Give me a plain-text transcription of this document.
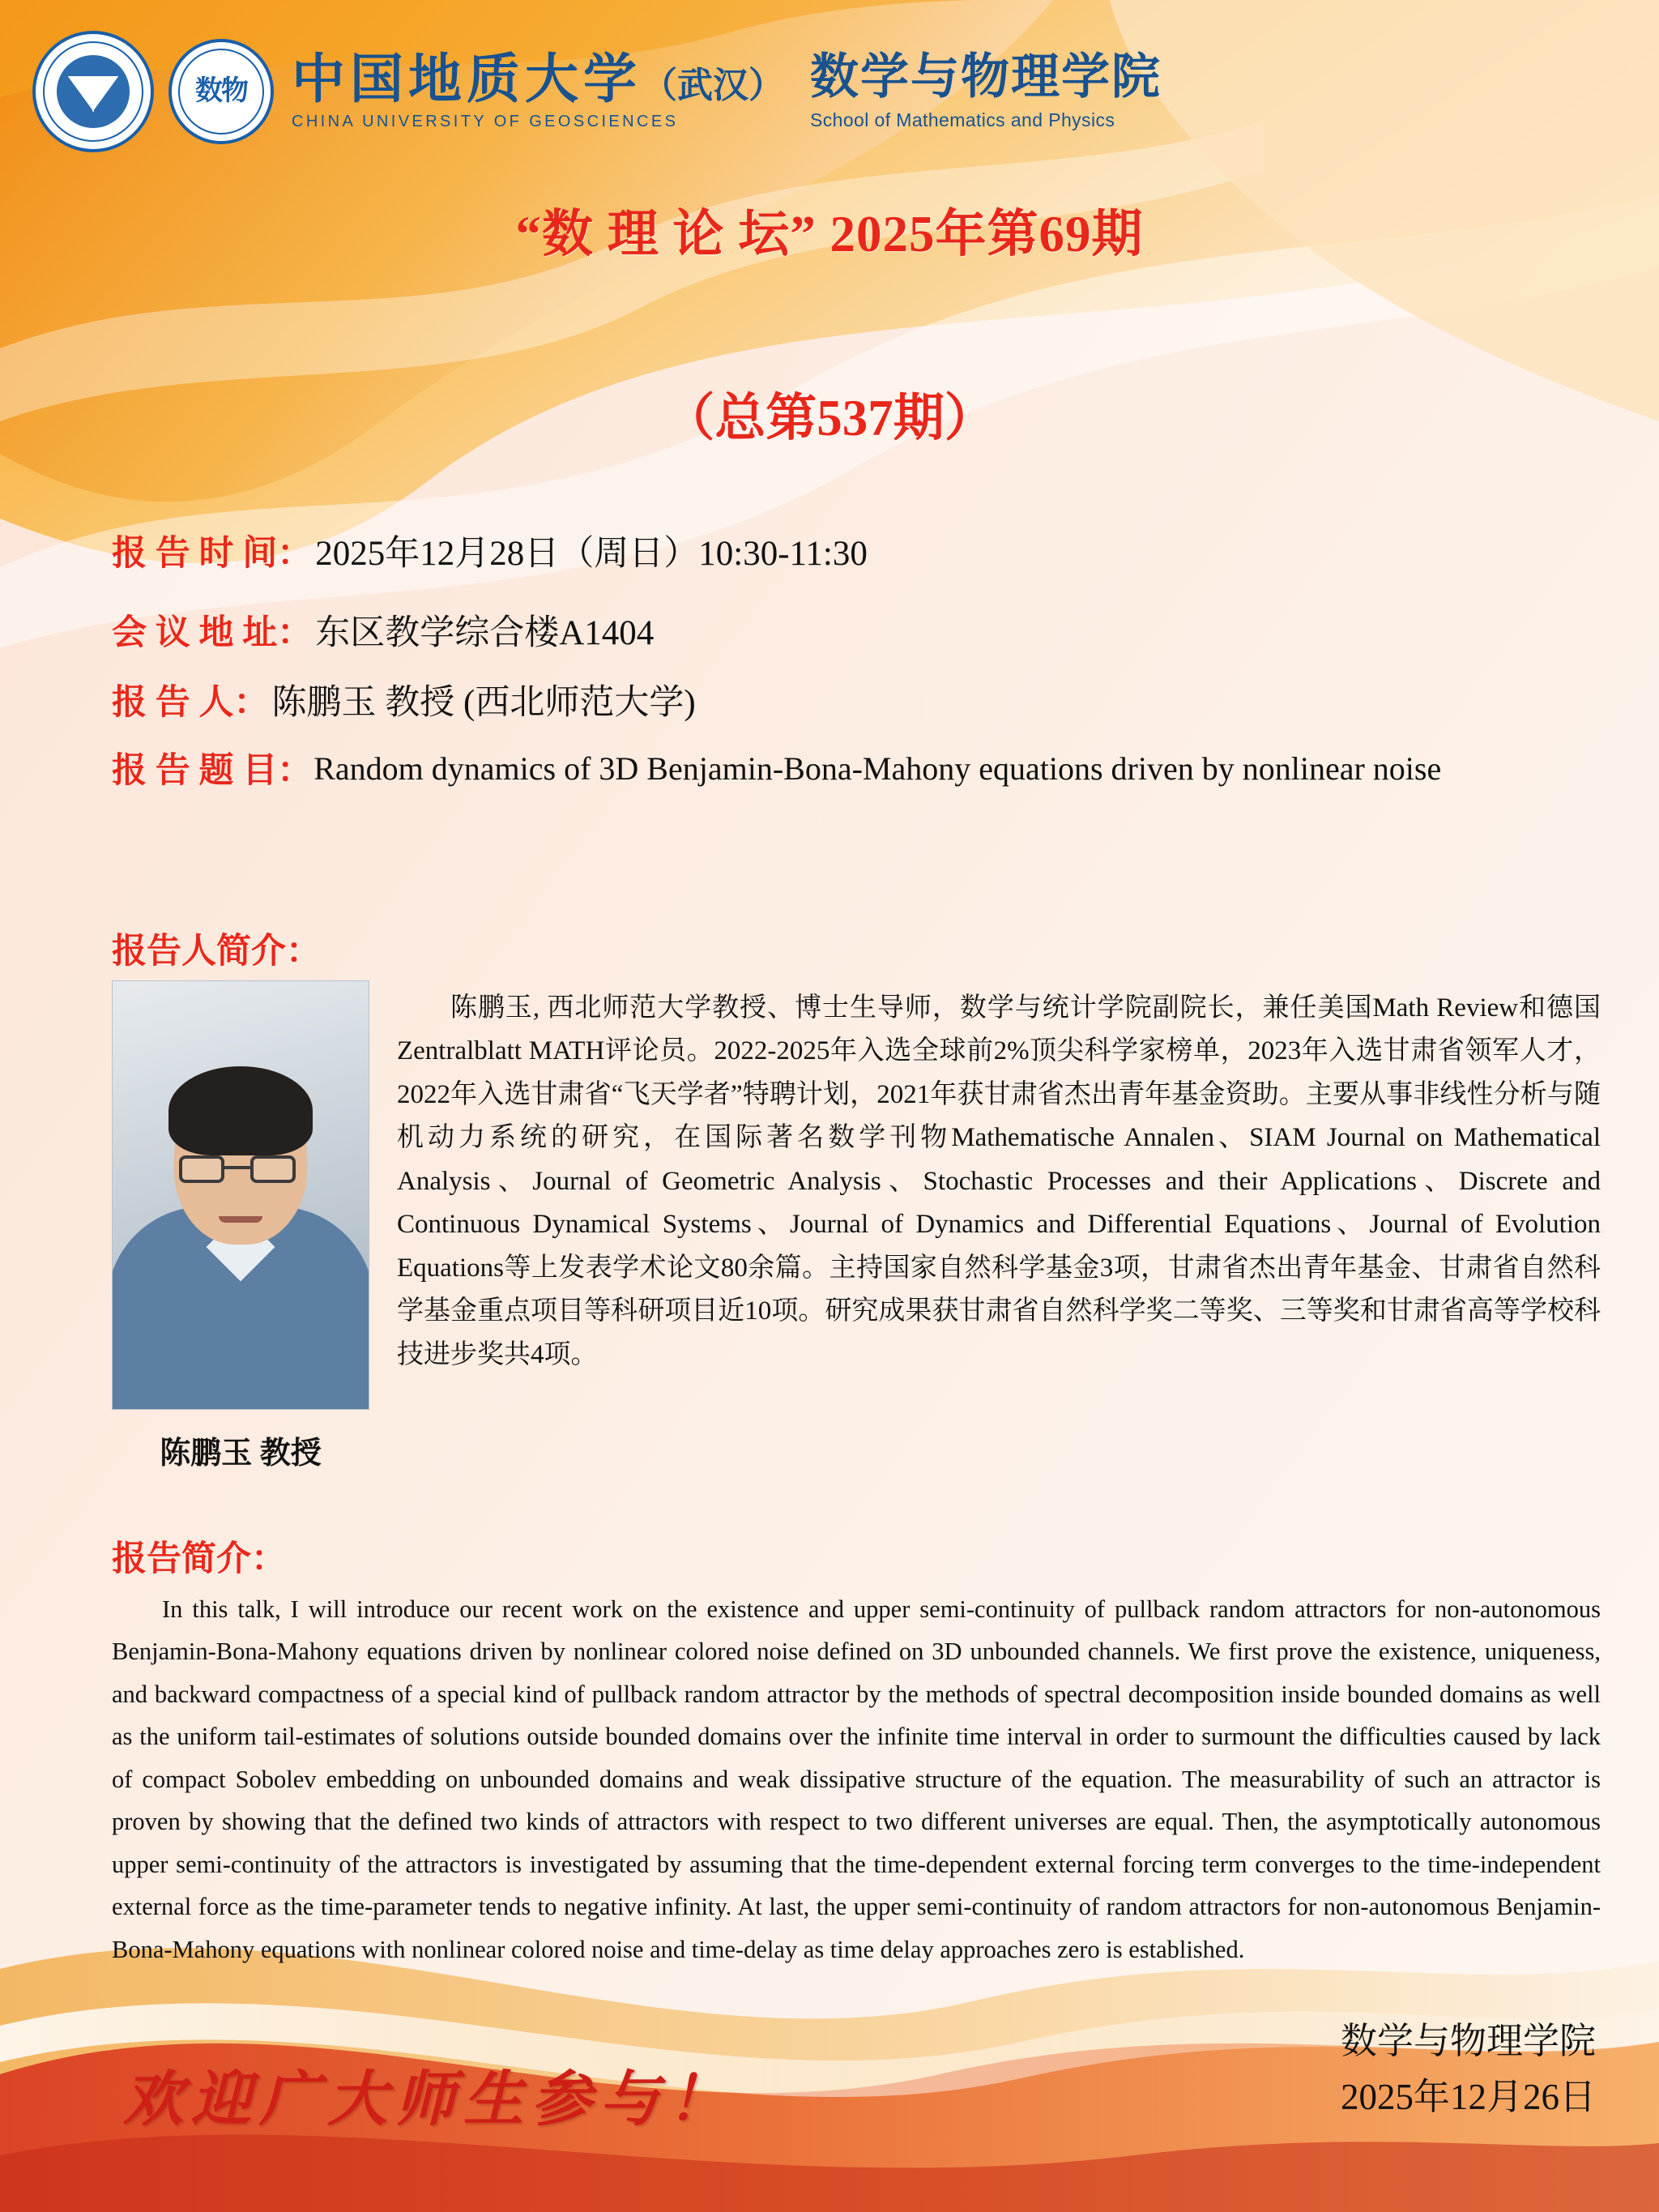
数物 中国地质大学（武汉）
CHINA UNIVERSITY OF GEOSCIENCES
数学与物理学院
School of Mathematics and Physics
“数 理 论 坛” 2025年第69期
（总第537期）
报 告 时 间： 2025年12月28日（周日）10:30-11:30
会 议 地 址： 东区教学综合楼A1404
报 告 人： 陈鹏玉 教授 (西北师范大学)
报 告 题 目： Random dynamics of 3D Benjamin-Bona-Mahony equations driven by nonlinear noise
报告人简介：
陈鹏玉 教授

陈鹏玉, 西北师范大学教授、博士生导师，数学与统计学院副院长，兼任美国Math Review和德国Zentralblatt MATH评论员。2022-2025年入选全球前2%顶尖科学家榜单，2023年入选甘肃省领军人才，2022年入选甘肃省“飞天学者”特聘计划，2021年获甘肃省杰出青年基金资助。主要从事非线性分析与随机动力系统的研究，在国际著名数学刊物Mathematische Annalen、SIAM Journal on Mathematical Analysis、Journal of Geometric Analysis、Stochastic Processes and their Applications、Discrete and Continuous Dynamical Systems、Journal of Dynamics and Differential Equations、Journal of Evolution Equations等上发表学术论文80余篇。主持国家自然科学基金3项，甘肃省杰出青年基金、甘肃省自然科学基金重点项目等科研项目近10项。研究成果获甘肃省自然科学奖二等奖、三等奖和甘肃省高等学校科技进步奖共4项。

报告简介：

In this talk, I will introduce our recent work on the existence and upper semi-continuity of pullback random attractors for non-autonomous Benjamin-Bona-Mahony equations driven by nonlinear colored noise defined on 3D unbounded channels. We first prove the existence, uniqueness, and backward compactness of a special kind of pullback random attractor by the methods of spectral decomposition inside bounded domains as well as the uniform tail-estimates of solutions outside bounded domains over the infinite time interval in order to surmount the difficulties caused by lack of compact Sobolev embedding on unbounded domains and weak dissipative structure of the equation. The measurability of such an attractor is proven by showing that the defined two kinds of attractors with respect to two different universes are equal. Then, the asymptotically autonomous upper semi-continuity of the attractors is investigated by assuming that the time-dependent external forcing term converges to the time-independent external force as the time-parameter tends to negative infinity. At last, the upper semi-continuity of random attractors for non-autonomous Benjamin-Bona-Mahony equations with nonlinear colored noise and time-delay as time delay approaches zero is established.

欢迎广大师生参与！
数学与物理学院
2025年12月26日
